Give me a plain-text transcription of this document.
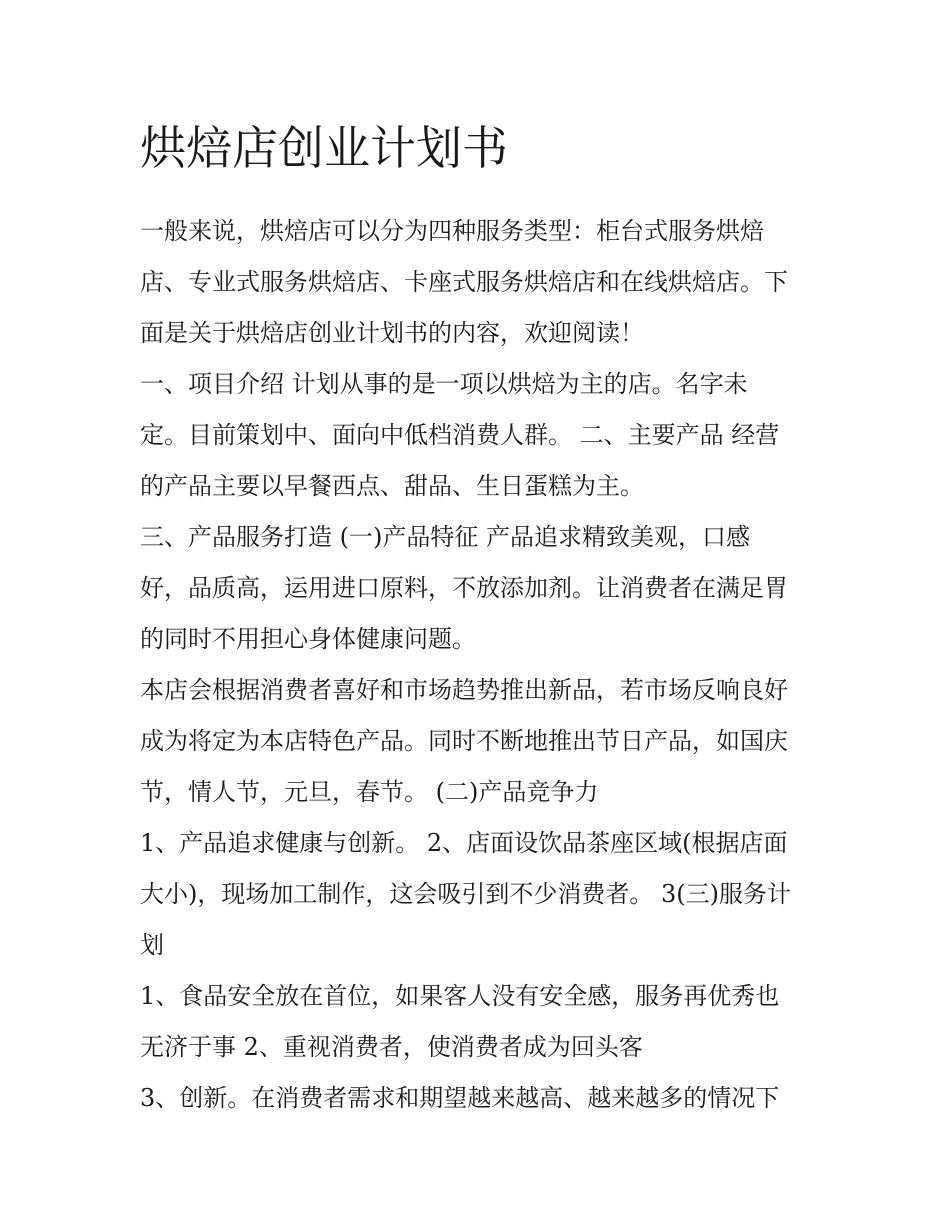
烘焙店创业计划书

一般来说，烘焙店可以分为四种服务类型：柜台式服务烘焙
店、专业式服务烘焙店、卡座式服务烘焙店和在线烘焙店。下
面是关于烘焙店创业计划书的内容，欢迎阅读！

一、项目介绍 计划从事的是一项以烘焙为主的店。名字未
定。目前策划中、面向中低档消费人群。 二、主要产品 经营
的产品主要以早餐西点、甜品、生日蛋糕为主。

三、产品服务打造 (一)产品特征 产品追求精致美观，口感
好，品质高，运用进口原料，不放添加剂。让消费者在满足胃
的同时不用担心身体健康问题。

本店会根据消费者喜好和市场趋势推出新品，若市场反响良好
成为将定为本店特色产品。同时不断地推出节日产品，如国庆
节，情人节，元旦，春节。 (二)产品竞争力

1、产品追求健康与创新。 2、店面设饮品茶座区域(根据店面
大小)，现场加工制作，这会吸引到不少消费者。 3(三)服务计
划

1、食品安全放在首位，如果客人没有安全感，服务再优秀也
无济于事 2、重视消费者，使消费者成为回头客

3、创新。在消费者需求和期望越来越高、越来越多的情况下
